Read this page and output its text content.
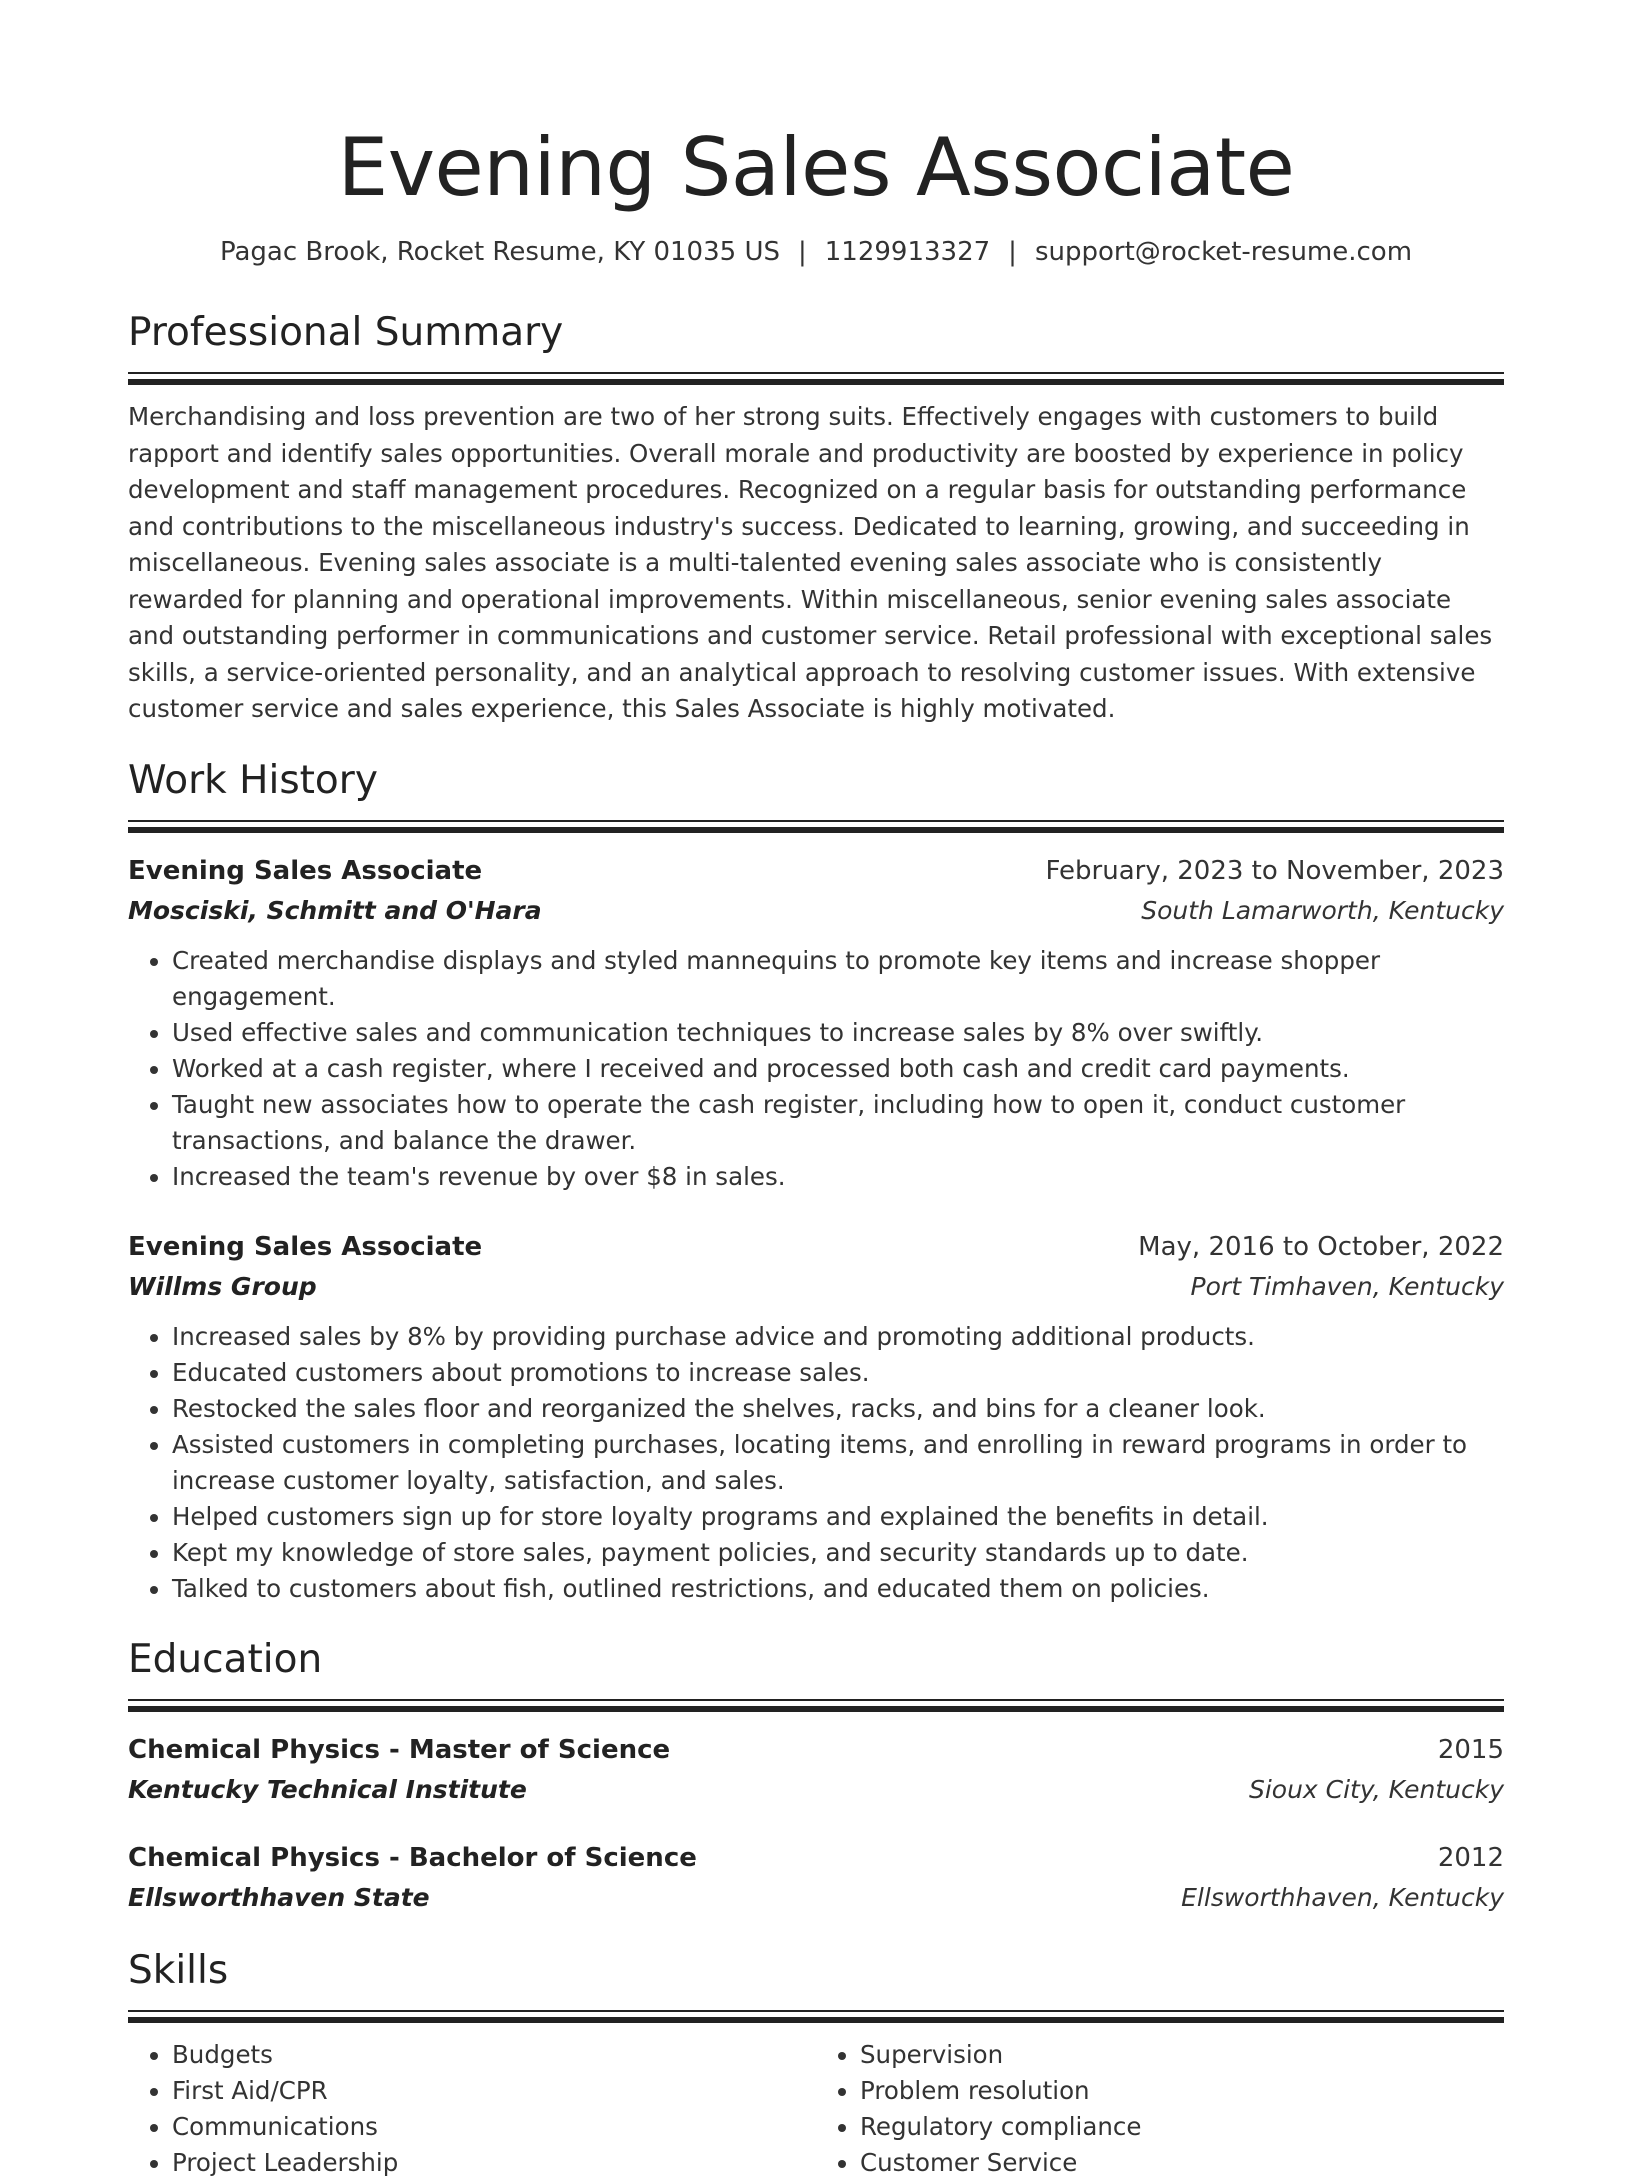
Evening Sales Associate
Pagac Brook, Rocket Resume, KY 01035 US | 1129913327 | support@rocket-resume.com
Professional Summary
Merchandising and loss prevention are two of her strong suits. Effectively engages with customers to build rapport and identify sales opportunities. Overall morale and productivity are boosted by experience in policy development and staff management procedures. Recognized on a regular basis for outstanding performance and contributions to the miscellaneous industry's success. Dedicated to learning, growing, and succeeding in miscellaneous. Evening sales associate is a multi-talented evening sales associate who is consistently rewarded for planning and operational improvements. Within miscellaneous, senior evening sales associate and outstanding performer in communications and customer service. Retail professional with exceptional sales skills, a service-oriented personality, and an analytical approach to resolving customer issues. With extensive customer service and sales experience, this Sales Associate is highly motivated.
Work History
Evening Sales Associate	February, 2023 to November, 2023
Mosciski, Schmitt and O'Hara	South Lamarworth, Kentucky
• Created merchandise displays and styled mannequins to promote key items and increase shopper engagement.
• Used effective sales and communication techniques to increase sales by 8% over swiftly.
• Worked at a cash register, where I received and processed both cash and credit card payments.
• Taught new associates how to operate the cash register, including how to open it, conduct customer transactions, and balance the drawer.
• Increased the team's revenue by over $8 in sales.
Evening Sales Associate	May, 2016 to October, 2022
Willms Group	Port Timhaven, Kentucky
• Increased sales by 8% by providing purchase advice and promoting additional products.
• Educated customers about promotions to increase sales.
• Restocked the sales floor and reorganized the shelves, racks, and bins for a cleaner look.
• Assisted customers in completing purchases, locating items, and enrolling in reward programs in order to increase customer loyalty, satisfaction, and sales.
• Helped customers sign up for store loyalty programs and explained the benefits in detail.
• Kept my knowledge of store sales, payment policies, and security standards up to date.
• Talked to customers about fish, outlined restrictions, and educated them on policies.
Education
Chemical Physics - Master of Science	2015
Kentucky Technical Institute	Sioux City, Kentucky
Chemical Physics - Bachelor of Science	2012
Ellsworthhaven State	Ellsworthhaven, Kentucky
Skills
• Budgets
• First Aid/CPR
• Communications
• Project Leadership
• Supervision
• Problem resolution
• Regulatory compliance
• Customer Service
